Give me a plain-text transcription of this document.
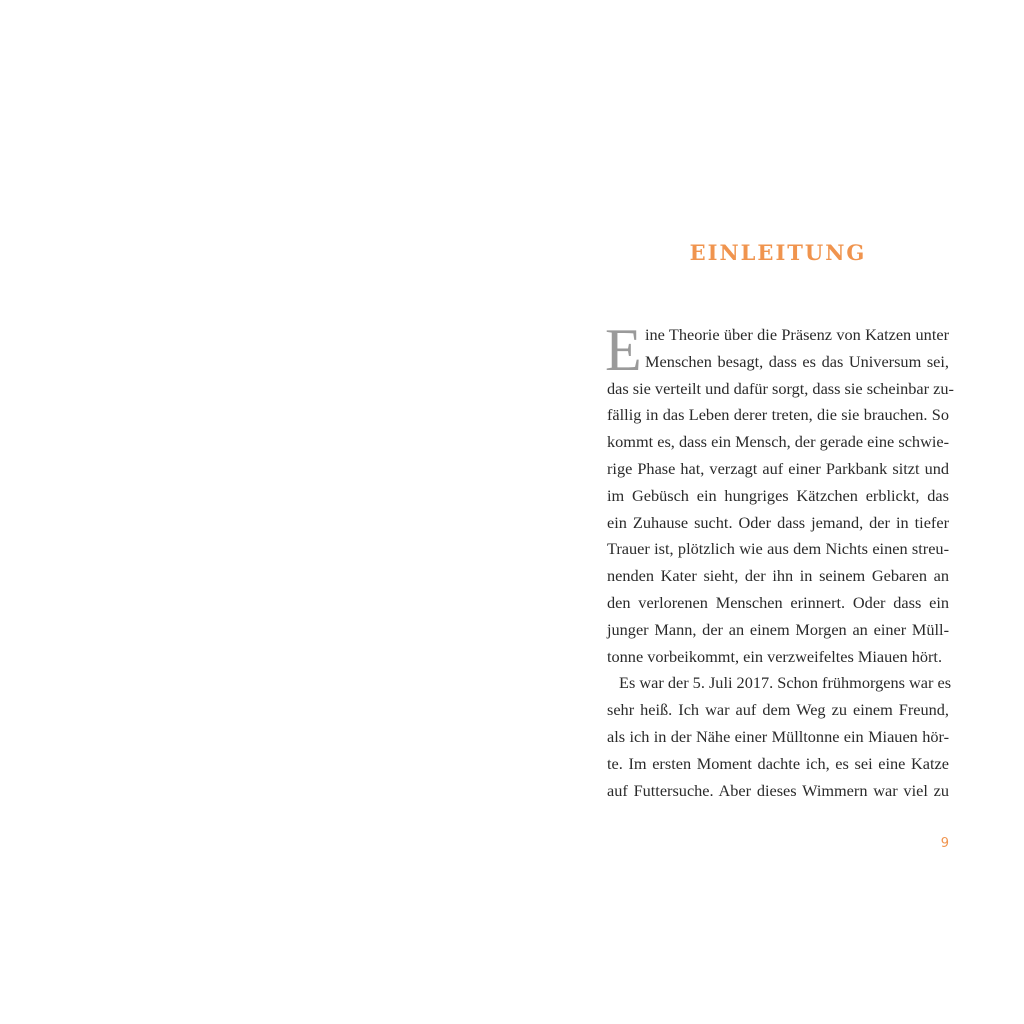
EINLEITUNG
E ine Theorie über die Präsenz von Katzen unter
Menschen besagt, dass es das Universum sei,
das sie verteilt und dafür sorgt, dass sie scheinbar zu-
fällig in das Leben derer treten, die sie brauchen. So
kommt es, dass ein Mensch, der gerade eine schwie-
rige Phase hat, verzagt auf einer Parkbank sitzt und
im Gebüsch ein hungriges Kätzchen erblickt, das
ein Zuhause sucht. Oder dass jemand, der in tiefer
Trauer ist, plötzlich wie aus dem Nichts einen streu-
nenden Kater sieht, der ihn in seinem Gebaren an
den verlorenen Menschen erinnert. Oder dass ein
junger Mann, der an einem Morgen an einer Müll-
tonne vorbeikommt, ein verzweifeltes Miauen hört.
Es war der 5. Juli 2017. Schon frühmorgens war es
sehr heiß. Ich war auf dem Weg zu einem Freund,
als ich in der Nähe einer Mülltonne ein Miauen hör-
te. Im ersten Moment dachte ich, es sei eine Katze
auf Futtersuche. Aber dieses Wimmern war viel zu
9
